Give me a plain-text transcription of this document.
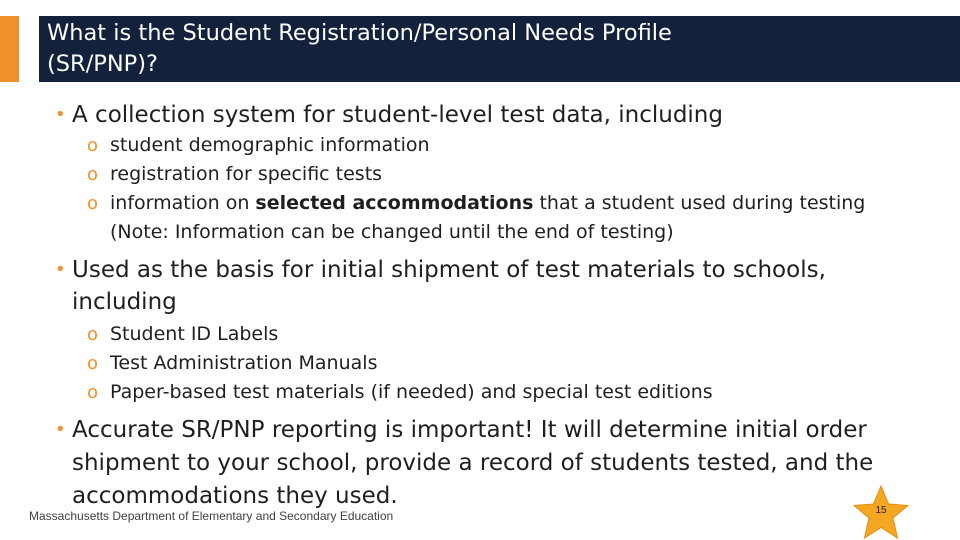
What is the Student Registration/Personal Needs Profile
(SR/PNP)?
• A collection system for student-level test data, including
o student demographic information
o registration for specific tests
o information on selected accommodations that a student used during testing
(Note: Information can be changed until the end of testing)
• Used as the basis for initial shipment of test materials to schools,
including
o Student ID Labels
o Test Administration Manuals
o Paper-based test materials (if needed) and special test editions
• Accurate SR/PNP reporting is important! It will determine initial order
shipment to your school, provide a record of students tested, and the
accommodations they used.
Massachusetts Department of Elementary and Secondary Education	15
